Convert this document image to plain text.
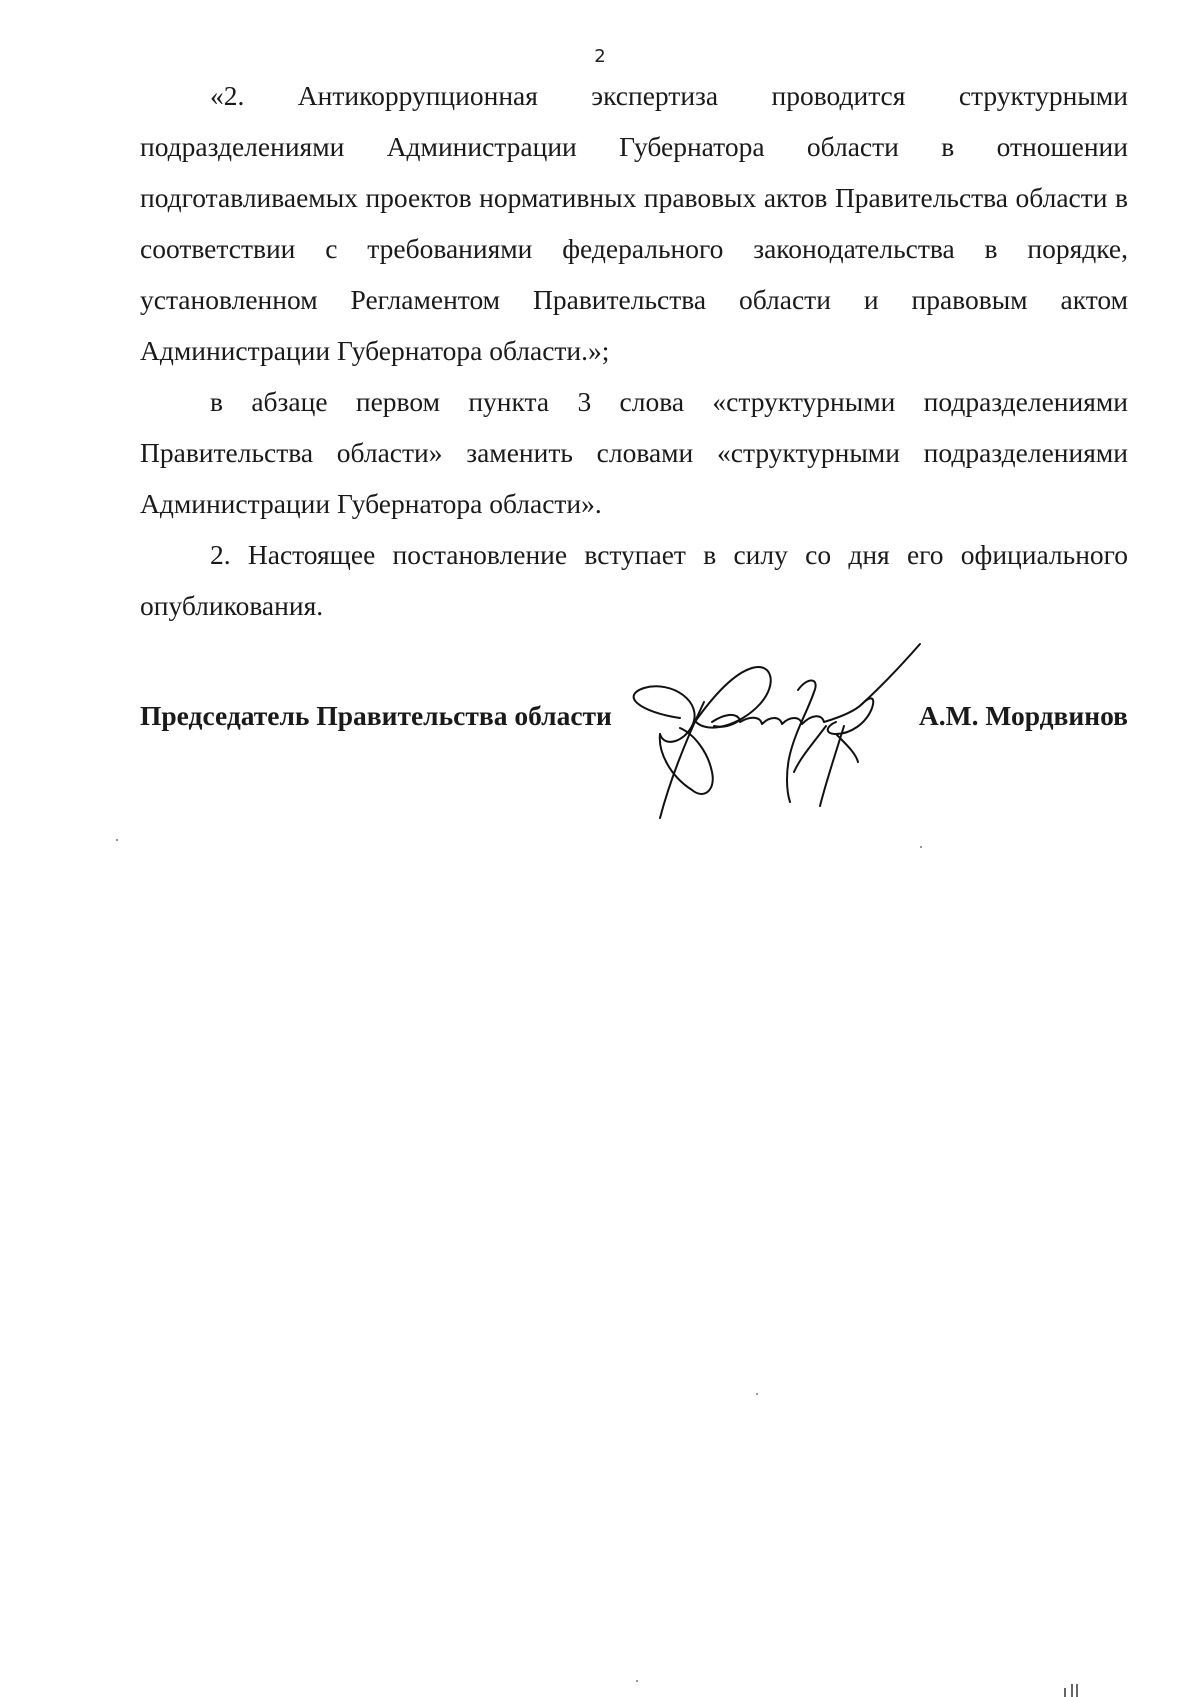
2

«2. Антикоррупционная экспертиза проводится структурными подразделениями Администрации Губернатора области в отношении подготавливаемых проектов нормативных правовых актов Правительства области в соответствии с требованиями федерального законодательства в порядке, установленном Регламентом Правительства области и правовым актом Администрации Губернатора области.»;

в абзаце первом пункта 3 слова «структурными подразделениями Правительства области» заменить словами «структурными подразделениями Администрации Губернатора области».

2. Настоящее постановление вступает в силу со дня его официального опубликования.

Председатель Правительства области	А.М. Мордвинов
